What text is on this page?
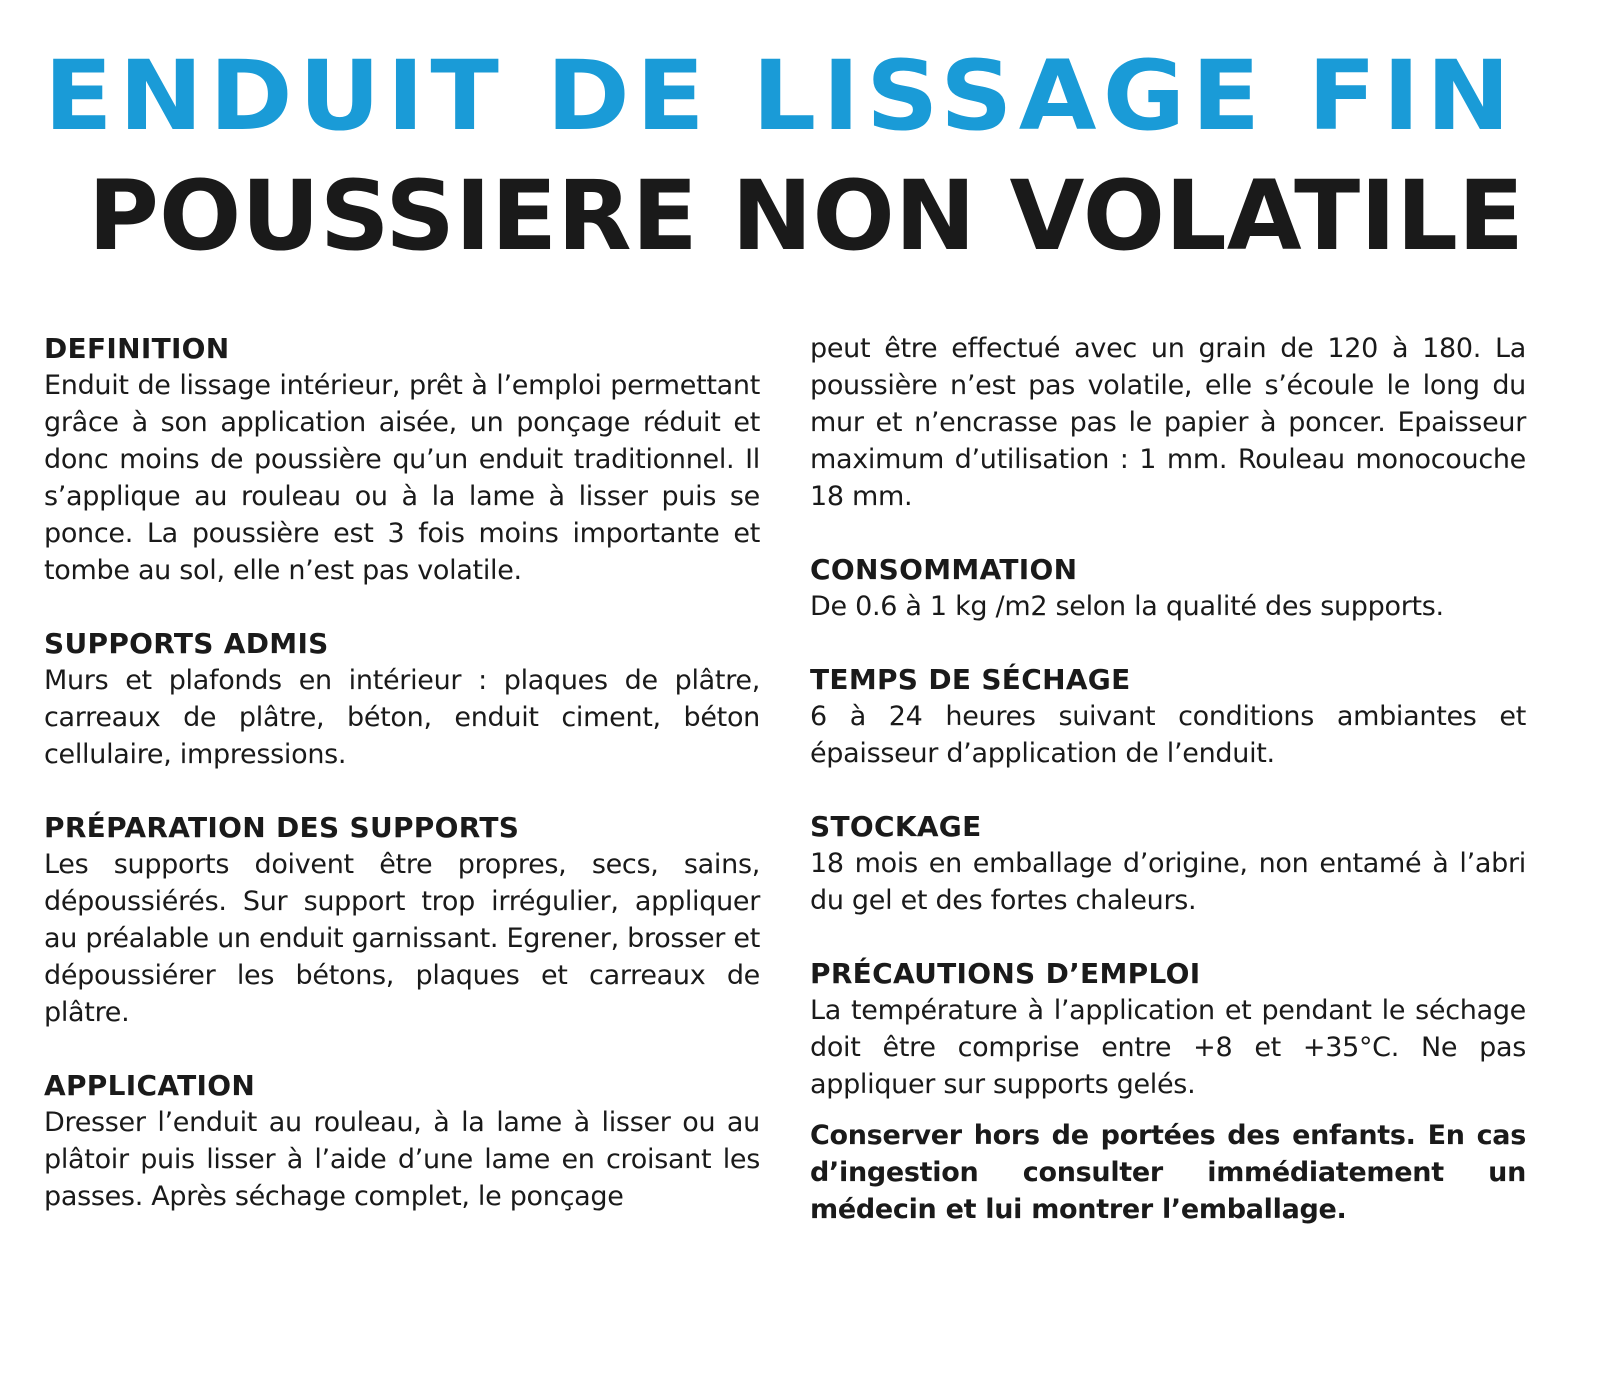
ENDUIT DE LISSAGE FIN
POUSSIERE NON VOLATILE
DEFINITION

Enduit de lissage intérieur, prêt à l’emploi permettant grâce à son application aisée, un ponçage réduit et donc moins de poussière qu’un enduit traditionnel. Il s’applique au rouleau ou à la lame à lisser puis se ponce. La poussière est 3 fois moins importante et tombe au sol, elle n’est pas volatile.

SUPPORTS ADMIS

Murs et plafonds en intérieur : plaques de plâtre, carreaux de plâtre, béton, enduit ciment, béton cellulaire, impressions.

PRÉPARATION DES SUPPORTS

Les supports doivent être propres, secs, sains, dépoussiérés. Sur support trop irrégulier, appliquer au préalable un enduit garnissant. Egrener, brosser et dépoussiérer les bétons, plaques et carreaux de plâtre.

APPLICATION

Dresser l’enduit au rouleau, à la lame à lisser ou au plâtoir puis lisser à l’aide d’une lame en croisant les passes. Après séchage complet, le ponçage

peut être effectué avec un grain de 120 à 180. La poussière n’est pas volatile, elle s’écoule le long du mur et n’encrasse pas le papier à poncer. Epaisseur maximum d’utilisation : 1 mm. Rouleau monocouche 18 mm.

CONSOMMATION

De 0.6 à 1 kg /m2 selon la qualité des supports.

TEMPS DE SÉCHAGE

6 à 24 heures suivant conditions ambiantes et épaisseur d’application de l’enduit.

STOCKAGE

18 mois en emballage d’origine, non entamé à l’abri du gel et des fortes chaleurs.

PRÉCAUTIONS D’EMPLOI

La température à l’application et pendant le séchage doit être comprise entre +8 et +35°C. Ne pas appliquer sur supports gelés.

Conserver hors de portées des enfants. En cas d’ingestion consulter immédiatement un médecin et lui montrer l’emballage.
